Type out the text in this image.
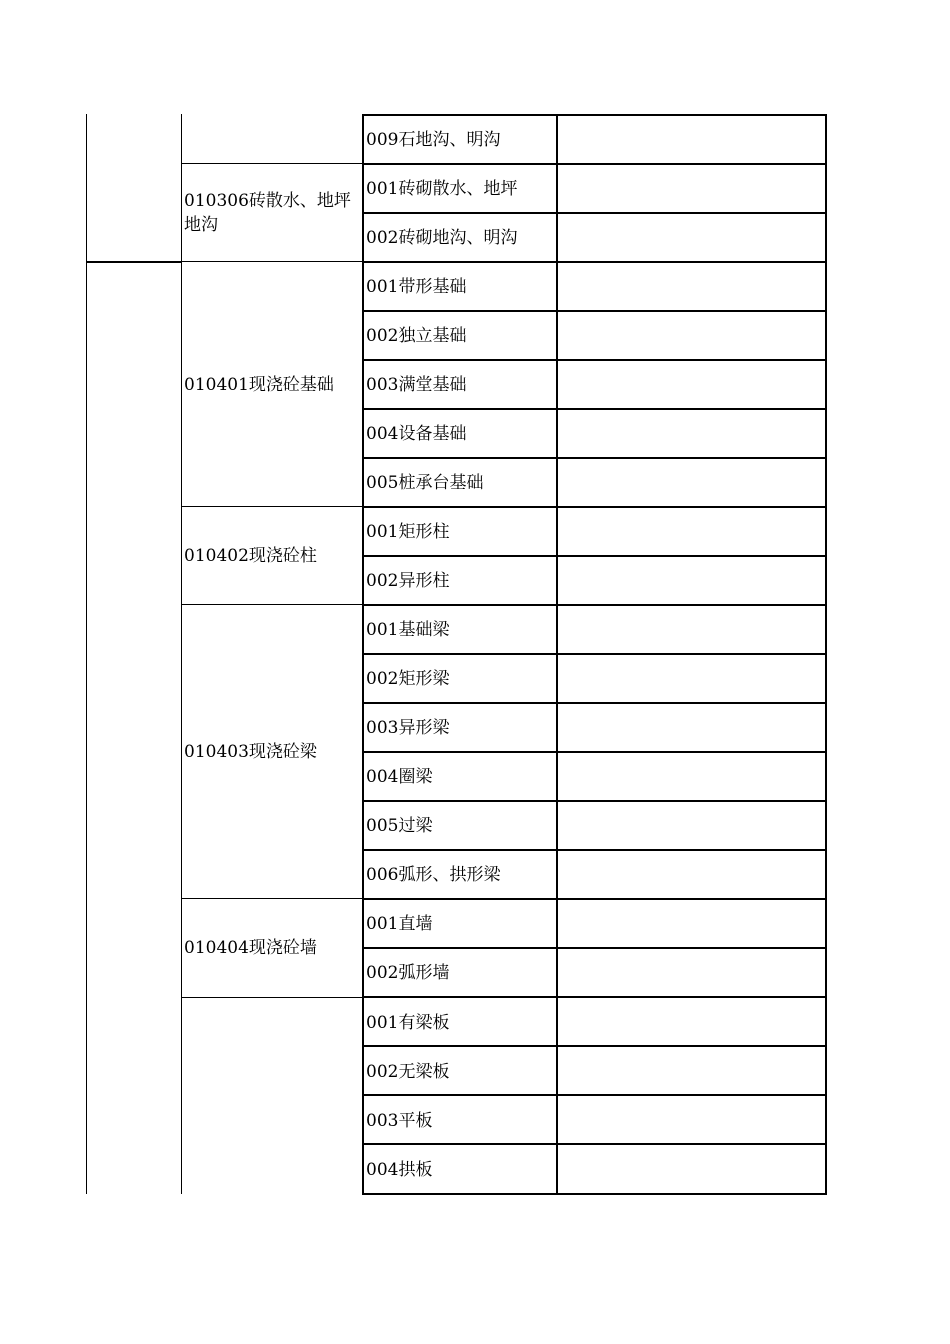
010306砖散水、地坪地沟
010401现浇砼基础
010402现浇砼柱
010403现浇砼梁
010404现浇砼墙
009石地沟、明沟
001砖砌散水、地坪
002砖砌地沟、明沟
001带形基础
002独立基础
003满堂基础
004设备基础
005桩承台基础
001矩形柱
002异形柱
001基础梁
002矩形梁
003异形梁
004圈梁
005过梁
006弧形、拱形梁
001直墙
002弧形墙
001有梁板
002无梁板
003平板
004拱板
